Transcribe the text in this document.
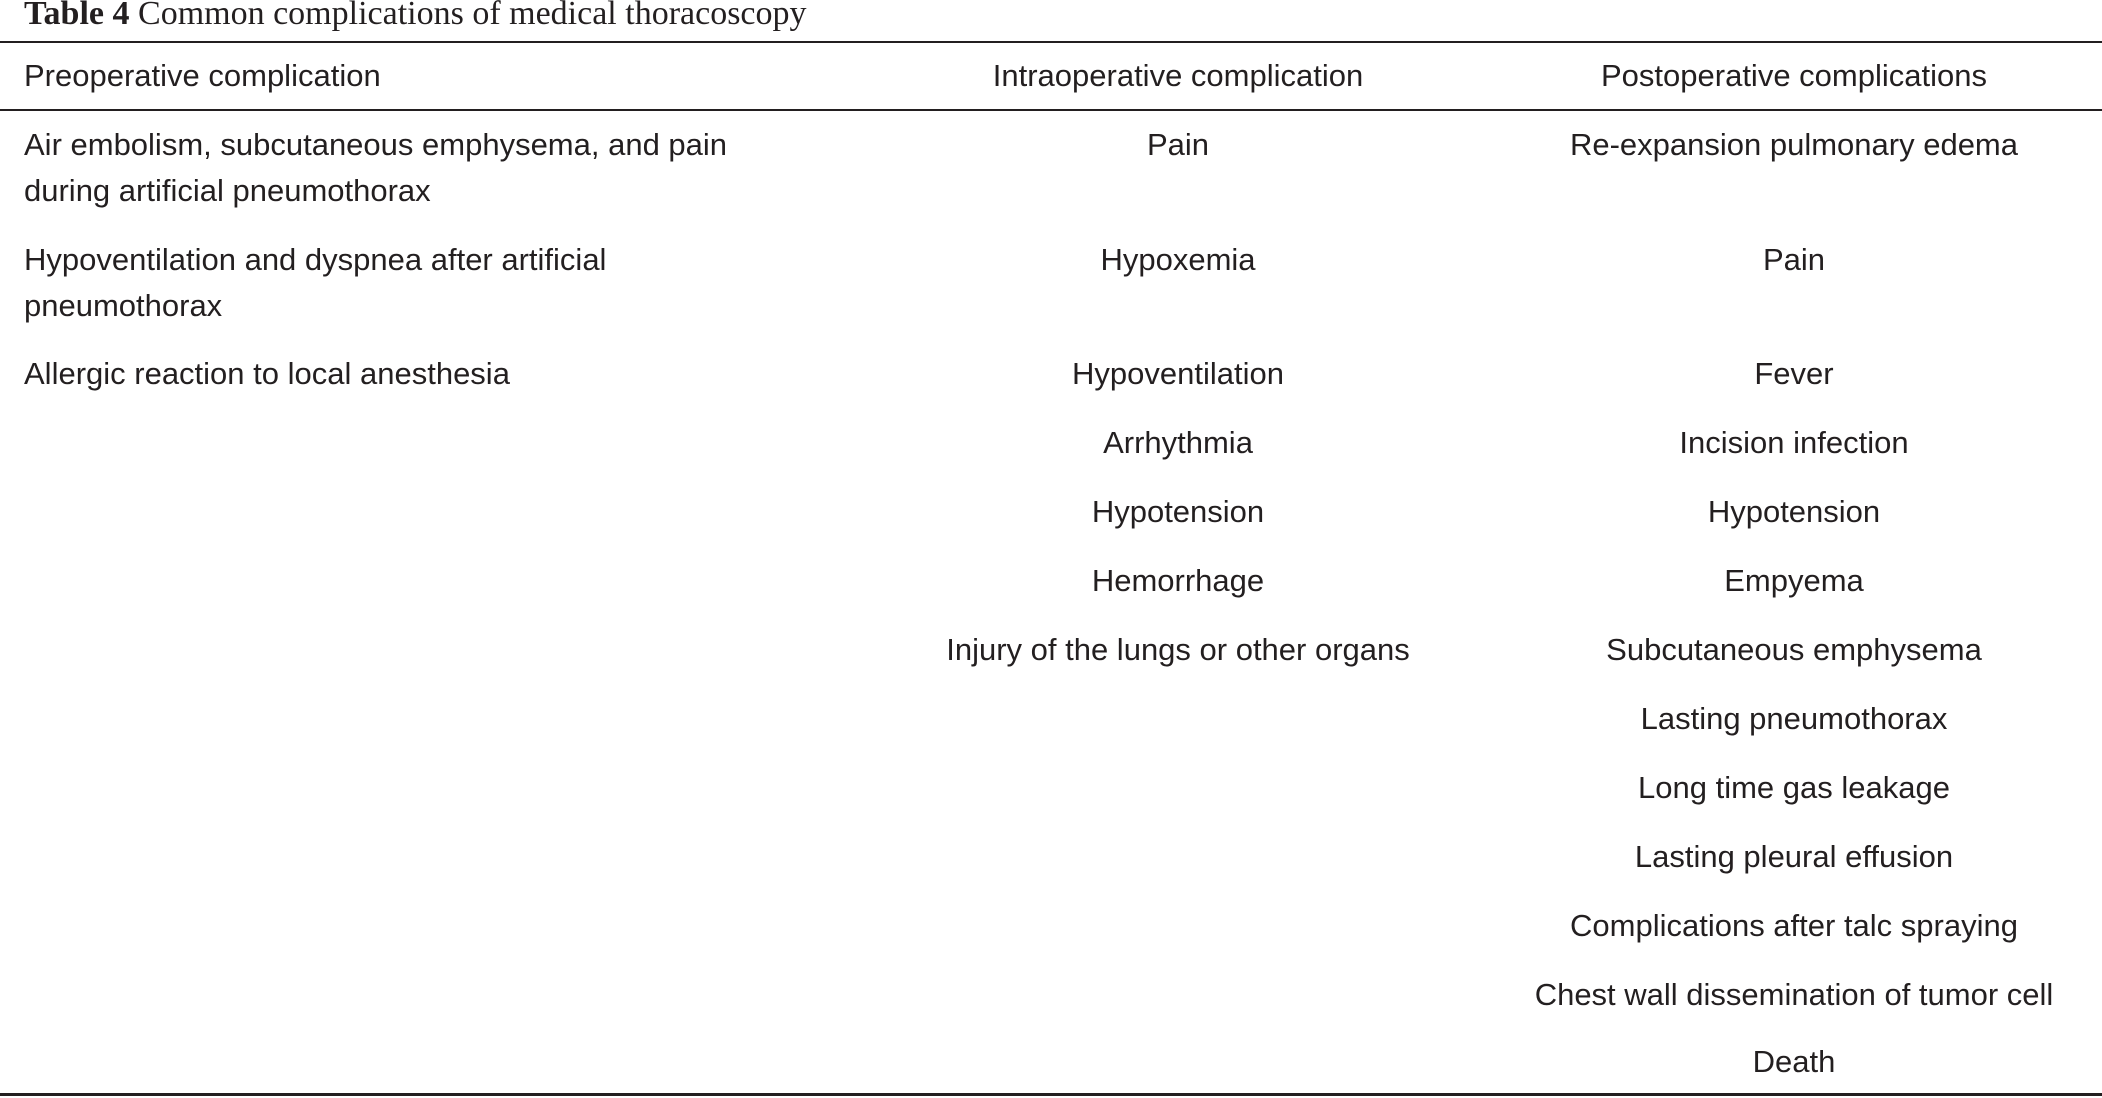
Table 4 Common complications of medical thoracoscopy
Preoperative complication	Intraoperative complication	Postoperative complications
Air embolism, subcutaneous emphysema, and pain
during artificial pneumothorax
Hypoventilation and dyspnea after artificial
pneumothorax
Allergic reaction to local anesthesia
Pain
Hypoxemia
Hypoventilation
Arrhythmia
Hypotension
Hemorrhage
Injury of the lungs or other organs
Re-expansion pulmonary edema
Pain
Fever
Incision infection
Hypotension
Empyema
Subcutaneous emphysema
Lasting pneumothorax
Long time gas leakage
Lasting pleural effusion
Complications after talc spraying
Chest wall dissemination of tumor cell
Death
